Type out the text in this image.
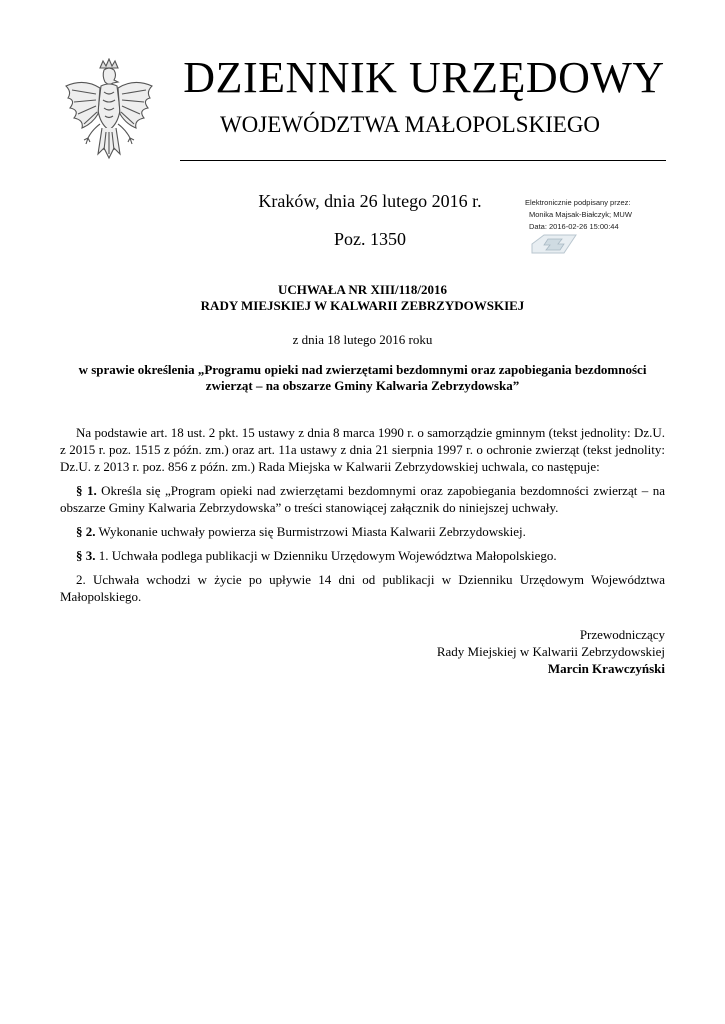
DZIENNIK URZĘDOWY
WOJEWÓDZTWA MAŁOPOLSKIEGO
Kraków, dnia 26 lutego 2016 r.
Poz. 1350
Elektronicznie podpisany przez:
Monika Majsak-Białczyk; MUW
Data: 2016-02-26 15:00:44
UCHWAŁA NR XIII/118/2016
RADY MIEJSKIEJ W KALWARII ZEBRZYDOWSKIEJ
z dnia 18 lutego 2016 roku
w sprawie określenia „Programu opieki nad zwierzętami bezdomnymi oraz zapobiegania bezdomności
zwierząt – na obszarze Gminy Kalwaria Zebrzydowska”

Na podstawie art. 18 ust. 2 pkt. 15 ustawy z dnia 8 marca 1990 r. o samorządzie gminnym (tekst jednolity: Dz.U. z 2015 r. poz. 1515 z późn. zm.) oraz art. 11a ustawy z dnia 21 sierpnia 1997 r. o ochronie zwierząt (tekst jednolity: Dz.U. z 2013 r. poz. 856 z późn. zm.) Rada Miejska w Kalwarii Zebrzydowskiej uchwala, co następuje:

§ 1. Określa się „Program opieki nad zwierzętami bezdomnymi oraz zapobiegania bezdomności zwierząt – na obszarze Gminy Kalwaria Zebrzydowska” o treści stanowiącej załącznik do niniejszej uchwały.

§ 2. Wykonanie uchwały powierza się Burmistrzowi Miasta Kalwarii Zebrzydowskiej.

§ 3. 1. Uchwała podlega publikacji w Dzienniku Urzędowym Województwa Małopolskiego.

2. Uchwała wchodzi w życie po upływie 14 dni od publikacji w Dzienniku Urzędowym Województwa Małopolskiego.

Przewodniczący
Rady Miejskiej w Kalwarii Zebrzydowskiej
Marcin Krawczyński
